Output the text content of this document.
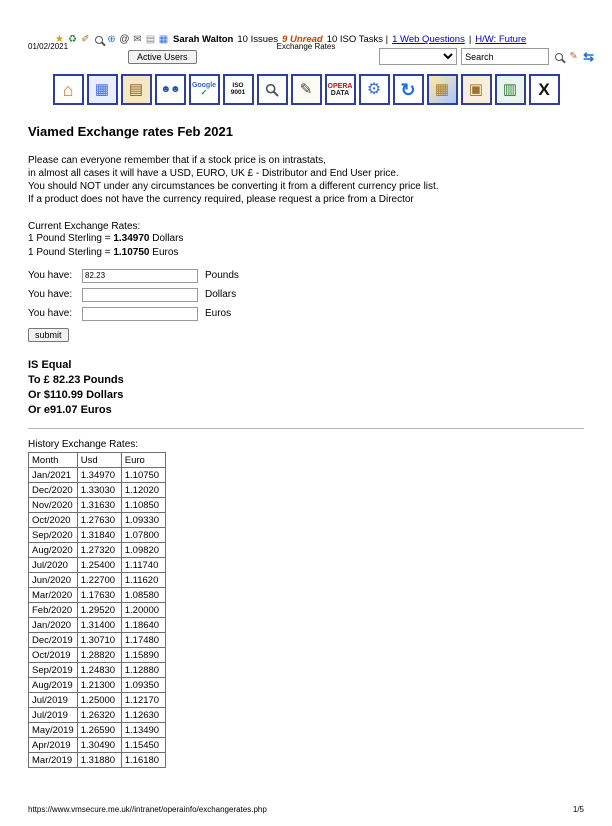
01/02/2021	Exchange Rates
★ ♻ ✐ ⊕ @ ✉ ▤ ▦ Sarah Walton 10 Issues 9 Unread 10 ISO Tasks | 1 Web Questions | H/W: Future
Active Users
Search	✎ ⇆
⌂ ▦ ▤ ☻☻ Google
✓
ISO 9001	✎ OPERA
DATA ⚙ ↻ ▦ ▣ ▥ X
Viamed Exchange rates Feb 2021
Please can everyone remember that if a stock price is on intrastats,
in almost all cases it will have a USD, EURO, UK £ - Distributor and End User price.
You should NOT under any circumstances be converting it from a different currency price list.
If a product does not have the currency required, please request a price from a Director
Current Exchange Rates:
1 Pound Sterling = 1.34970 Dollars
1 Pound Sterling = 1.10750 Euros
You have:
82.23	Pounds
You have:	Dollars
You have:	Euros
submit
IS Equal
To £ 82.23 Pounds
Or $110.99 Dollars
Or e91.07 Euros
History Exchange Rates:
Month	Usd	Euro
Jan/2021	1.34970	1.10750
Dec/2020	1.33030	1.12020
Nov/2020	1.31630	1.10850
Oct/2020	1.27630	1.09330
Sep/2020	1.31840	1.07800
Aug/2020	1.27320	1.09820
Jul/2020	1.25400	1.11740
Jun/2020	1.22700	1.11620
Mar/2020	1.17630	1.08580
Feb/2020	1.29520	1.20000
Jan/2020	1.31400	1.18640
Dec/2019	1.30710	1.17480
Oct/2019	1.28820	1.15890
Sep/2019	1.24830	1.12880
Aug/2019	1.21300	1.09350
Jul/2019	1.25000	1.12170
Jul/2019	1.26320	1.12630
May/2019	1.26590	1.13490
Apr/2019	1.30490	1.15450
Mar/2019	1.31880	1.16180
https://www.vmsecure.me.uk//intranet/operainfo/exchangerates.php	1/5
